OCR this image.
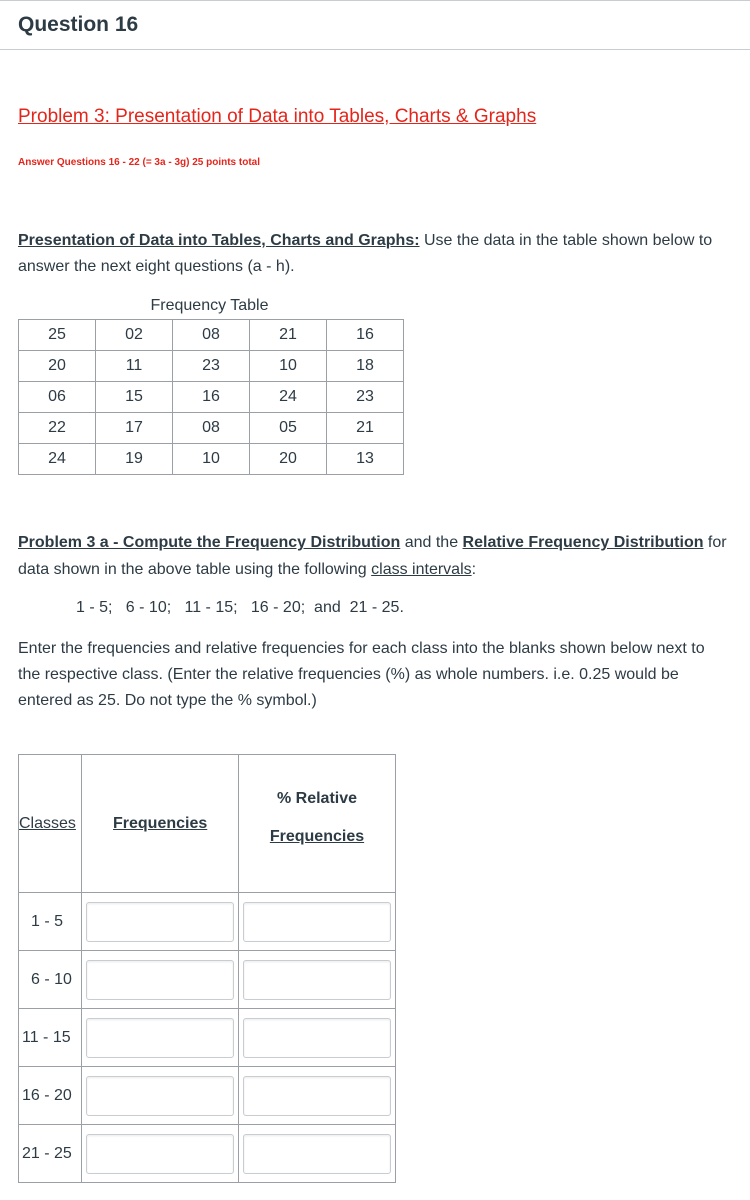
Question 16
Problem 3: Presentation of Data into Tables, Charts & Graphs
Answer Questions 16 - 22 (= 3a - 3g) 25 points total
Presentation of Data into Tables, Charts and Graphs: Use the data in the table shown below to
answer the next eight questions (a - h).
Frequency Table
25	02	08	21	16
20	11	23	10	18
06	15	16	24	23
22	17	08	05	21
24	19	10	20	13
Problem 3 a - Compute the Frequency Distribution and the Relative Frequency Distribution for
data shown in the above table using the following class intervals:
1 - 5;   6 - 10;   11 - 15;   16 - 20;  and  21 - 25.
Enter the frequencies and relative frequencies for each class into the blanks shown below next to
the respective class. (Enter the relative frequencies (%) as whole numbers. i.e. 0.25 would be
entered as 25. Do not type the % symbol.)
Classes	Frequencies	% Relative
Frequencies

1 - 5	

6 - 10	

11 - 15	

16 - 20	

21 - 25	
